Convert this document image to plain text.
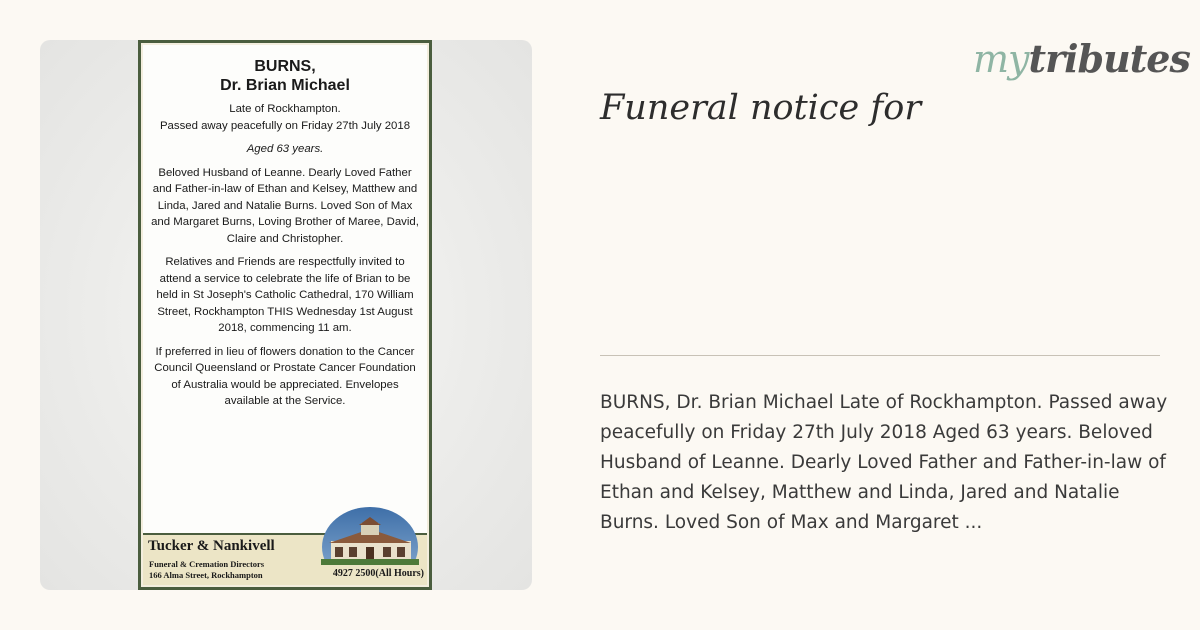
BURNS,
Dr. Brian Michael

Late of Rockhampton.

Passed away peacefully on Friday 27th July 2018

Aged 63 years.

Beloved Husband of Leanne. Dearly Loved Father and Father-in-law of Ethan and Kelsey, Matthew and Linda, Jared and Natalie Burns. Loved Son of Max and Margaret Burns, Loving Brother of Maree, David, Claire and Christopher.

Relatives and Friends are respectfully invited to attend a service to celebrate the life of Brian to be held in St Joseph's Catholic Cathedral, 170 William Street, Rockhampton THIS Wednesday 1st August 2018, commencing 11 am.

If preferred in lieu of flowers donation to the Cancer Council Queensland or Prostate Cancer Foundation of Australia would be appreciated. Envelopes available at the Service.

Tucker & Nankivell
Funeral & Cremation Directors
166 Alma Street, Rockhampton	4927 2500(All Hours)
mytributes
Funeral notice for

BURNS, Dr. Brian Michael Late of Rockhampton. Passed away peacefully on Friday 27th July 2018 Aged 63 years. Beloved Husband of Leanne. Dearly Loved Father and Father-in-law of Ethan and Kelsey, Matthew and Linda, Jared and Natalie Burns. Loved Son of Max and Margaret ...
